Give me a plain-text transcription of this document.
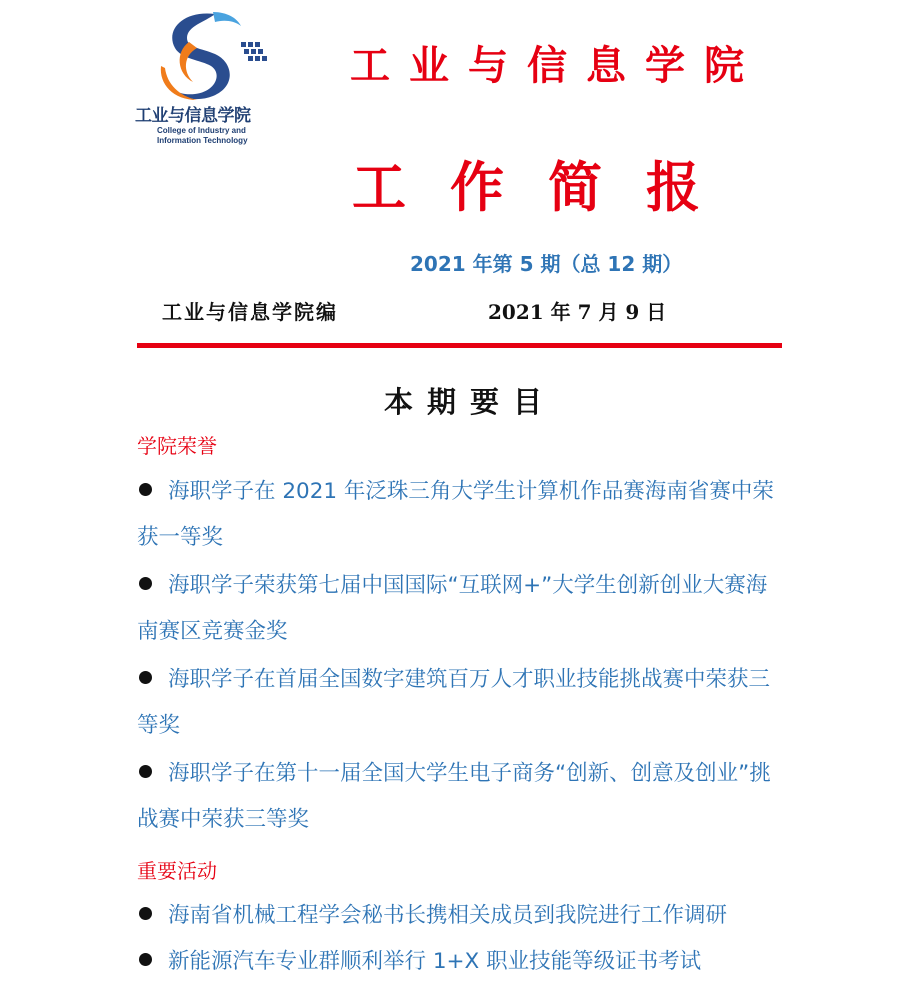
工业与信息学院
College of Industry and
Information Technology
工业与信息学院
工作简报
2021 年第 5 期（总 12 期）
工业与信息学院编	2021 年 7 月 9 日
本期要目
学院荣誉
海职学子在 2021 年泛珠三角大学生计算机作品赛海南省赛中荣获一等奖
海职学子荣获第七届中国国际“互联网+”大学生创新创业大赛海南赛区竞赛金奖
海职学子在首届全国数字建筑百万人才职业技能挑战赛中荣获三等奖
海职学子在第十一届全国大学生电子商务“创新、创意及创业”挑战赛中荣获三等奖
重要活动
海南省机械工程学会秘书长携相关成员到我院进行工作调研
新能源汽车专业群顺利举行 1+X 职业技能等级证书考试
